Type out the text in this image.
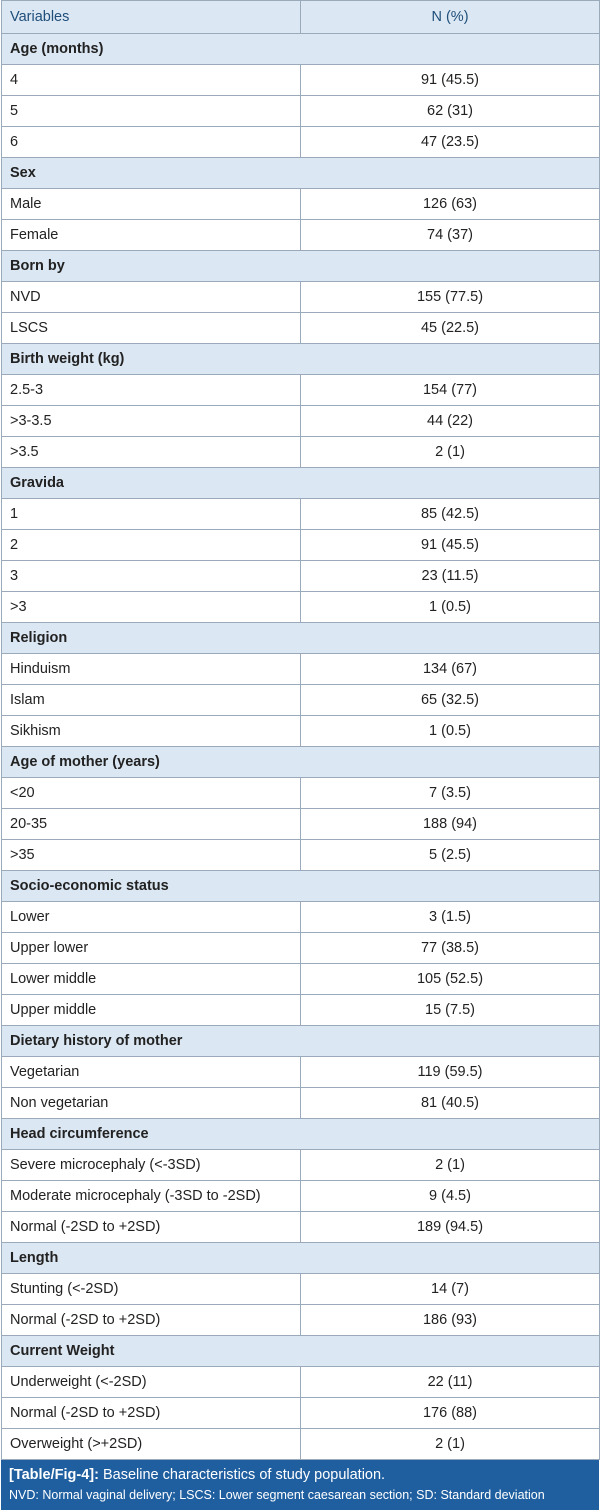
Variables	N (%)
Age (months)	
4	91 (45.5)
5	62 (31)
6	47 (23.5)
Sex	
Male	126 (63)
Female	74 (37)
Born by	
NVD	155 (77.5)
LSCS	45 (22.5)
Birth weight (kg)	
2.5-3	154 (77)
>3-3.5	44 (22)
>3.5	2 (1)
Gravida	
1	85 (42.5)
2	91 (45.5)
3	23 (11.5)
>3	1 (0.5)
Religion	
Hinduism	134 (67)
Islam	65 (32.5)
Sikhism	1 (0.5)
Age of mother (years)	
<20	7 (3.5)
20-35	188 (94)
>35	5 (2.5)
Socio-economic status	
Lower	3 (1.5)
Upper lower	77 (38.5)
Lower middle	105 (52.5)
Upper middle	15 (7.5)
Dietary history of mother	
Vegetarian	119 (59.5)
Non vegetarian	81 (40.5)
Head circumference	
Severe microcephaly (<-3SD)	2 (1)
Moderate microcephaly (-3SD to -2SD)	9 (4.5)
Normal (-2SD to +2SD)	189 (94.5)
Length	
Stunting (<-2SD)	14 (7)
Normal (-2SD to +2SD)	186 (93)
Current Weight	
Underweight (<-2SD)	22 (11)
Normal (-2SD to +2SD)	176 (88)
Overweight (>+2SD)	2 (1)
[Table/Fig-4]: Baseline characteristics of study population.
NVD: Normal vaginal delivery; LSCS: Lower segment caesarean section; SD: Standard deviation
